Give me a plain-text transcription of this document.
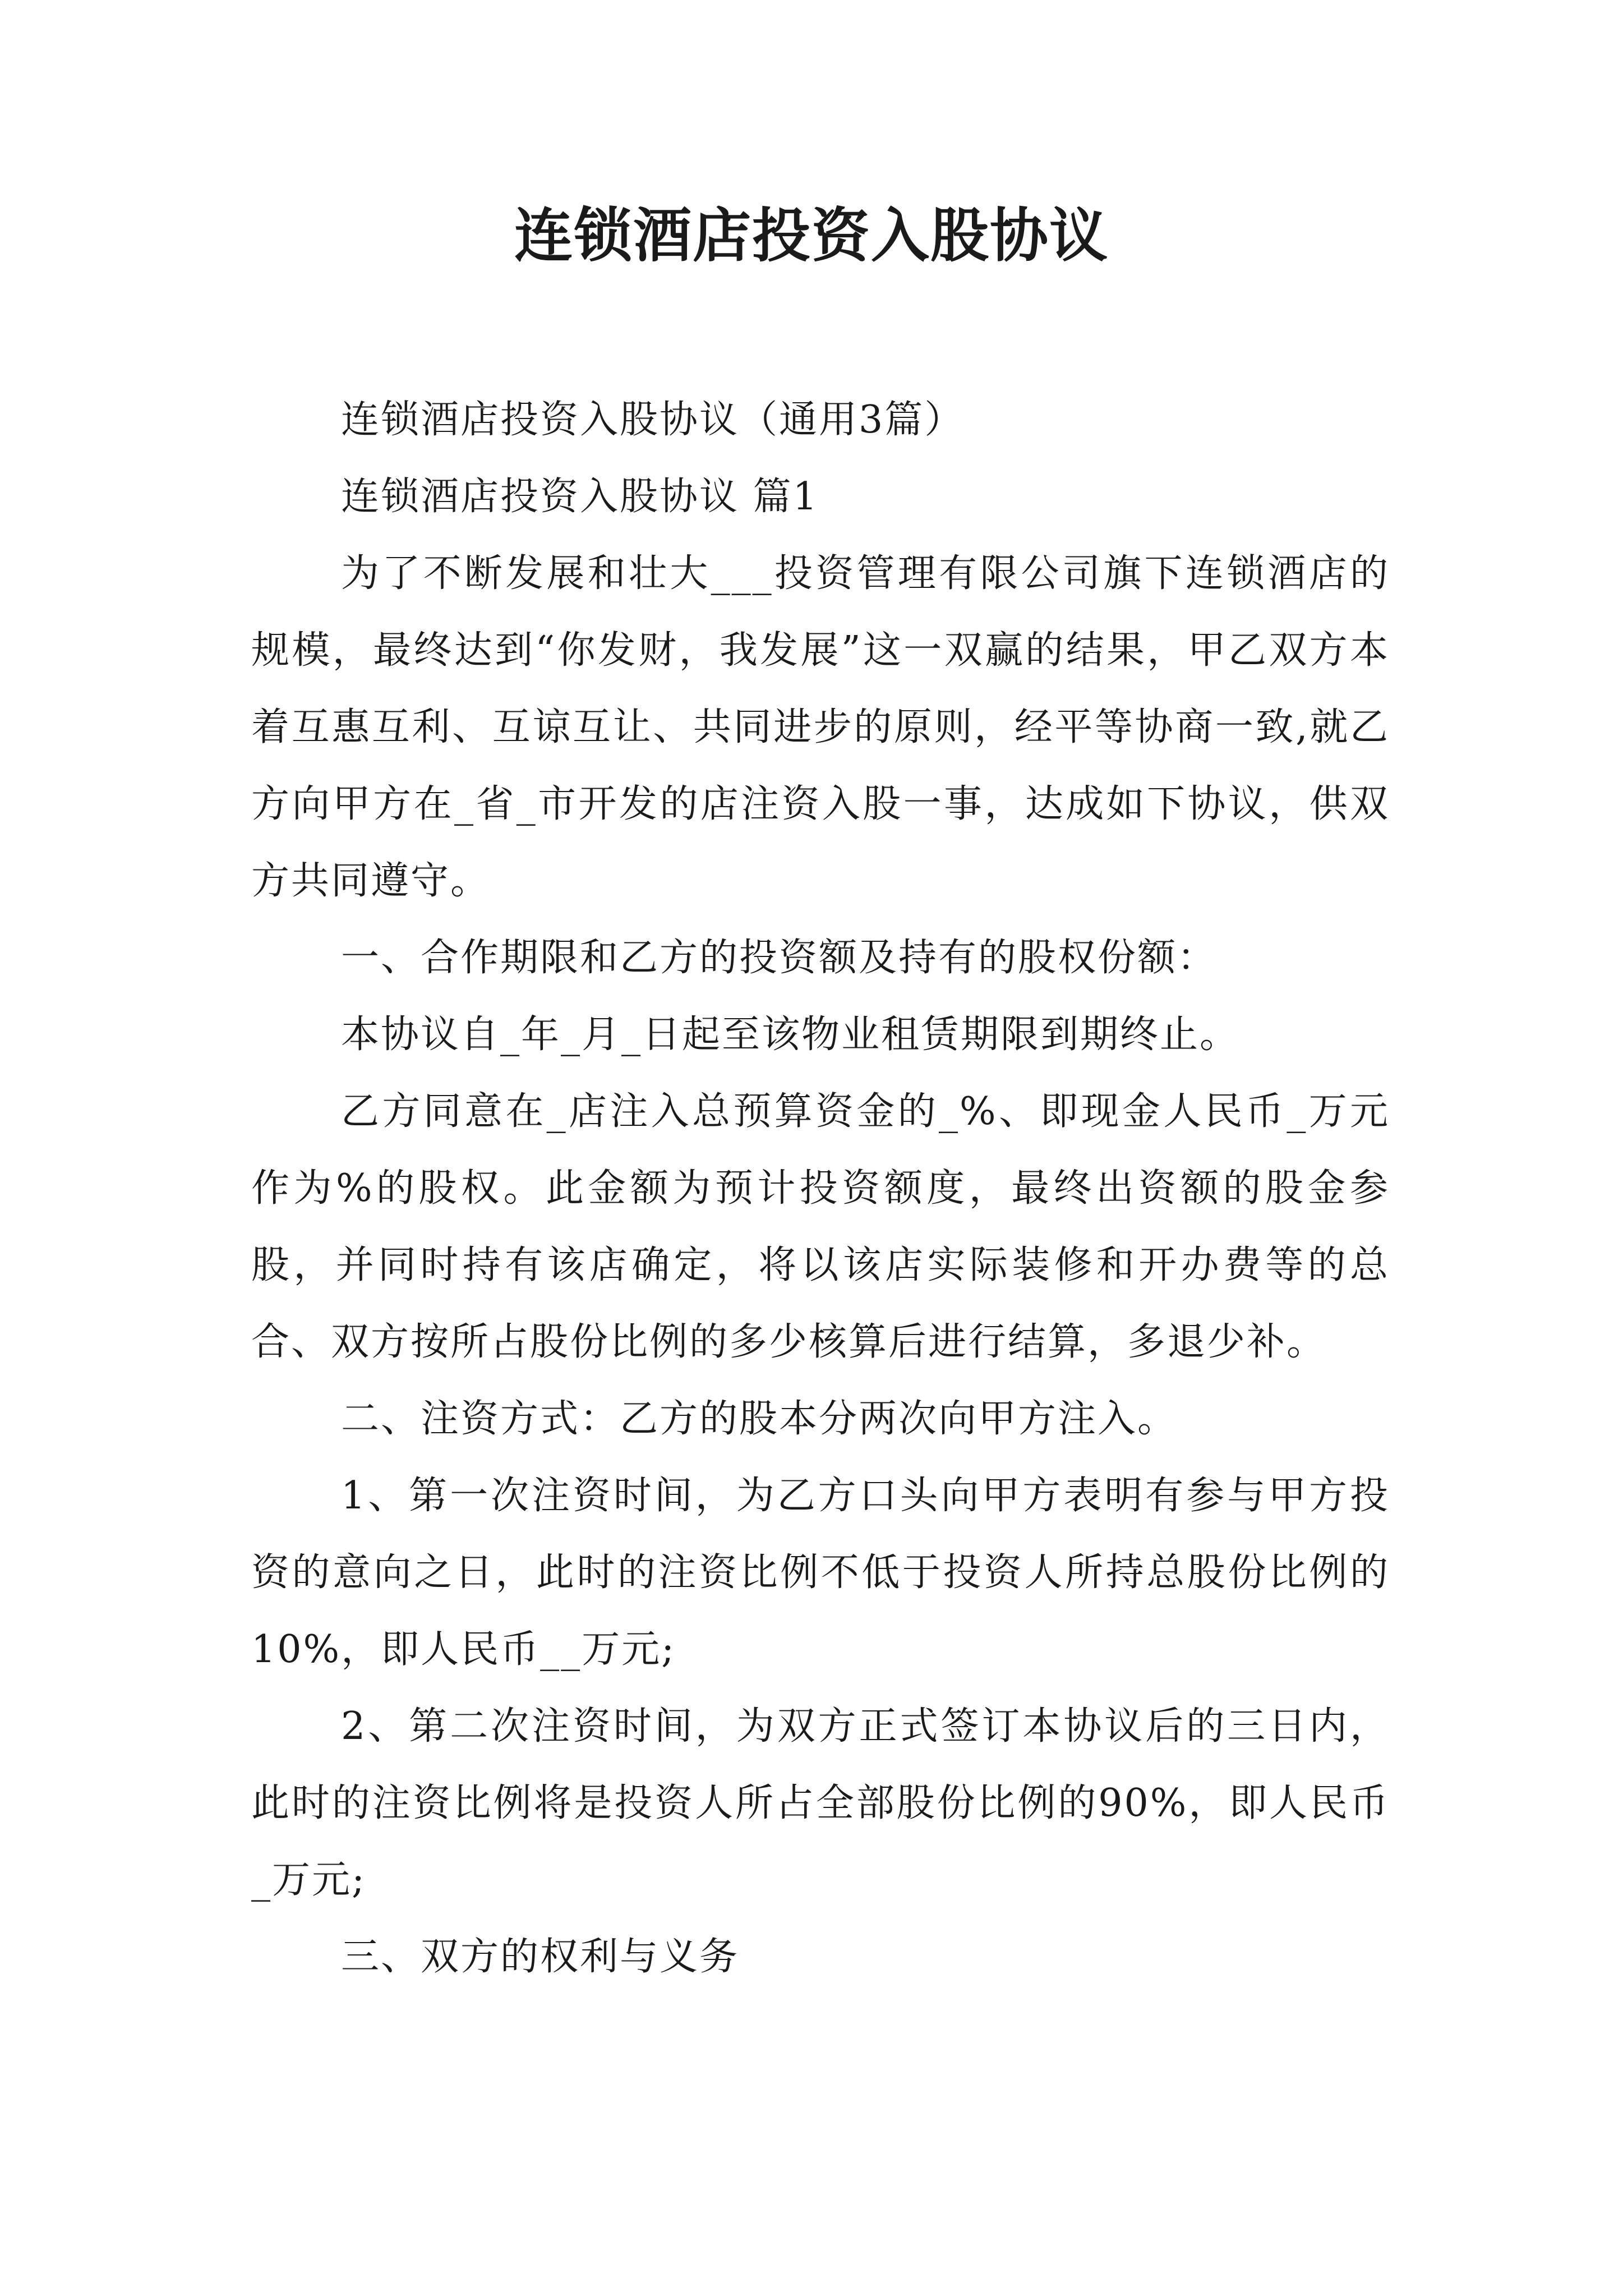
连锁酒店投资入股协议

连锁酒店投资入股协议（通用3篇）

连锁酒店投资入股协议 篇1

为了不断发展和壮大___投资管理有限公司旗下连锁酒店的规模，最终达到“你发财，我发展”这一双赢的结果，甲乙双方本着互惠互利、互谅互让、共同进步的原则，经平等协商一致,就乙方向甲方在_省_市开发的店注资入股一事，达成如下协议，供双方共同遵守。

一、合作期限和乙方的投资额及持有的股权份额：

本协议自_年_月_日起至该物业租赁期限到期终止。

乙方同意在_店注入总预算资金的_%、即现金人民币_万元作为%的股权。此金额为预计投资额度，最终出资额的股金参股，并同时持有该店确定，将以该店实际装修和开办费等的总合、双方按所占股份比例的多少核算后进行结算，多退少补。

二、注资方式：乙方的股本分两次向甲方注入。

1、第一次注资时间，为乙方口头向甲方表明有参与甲方投资的意向之日，此时的注资比例不低于投资人所持总股份比例的10%，即人民币__万元;

2、第二次注资时间，为双方正式签订本协议后的三日内，此时的注资比例将是投资人所占全部股份比例的90%，即人民币_万元;

三、双方的权利与义务
